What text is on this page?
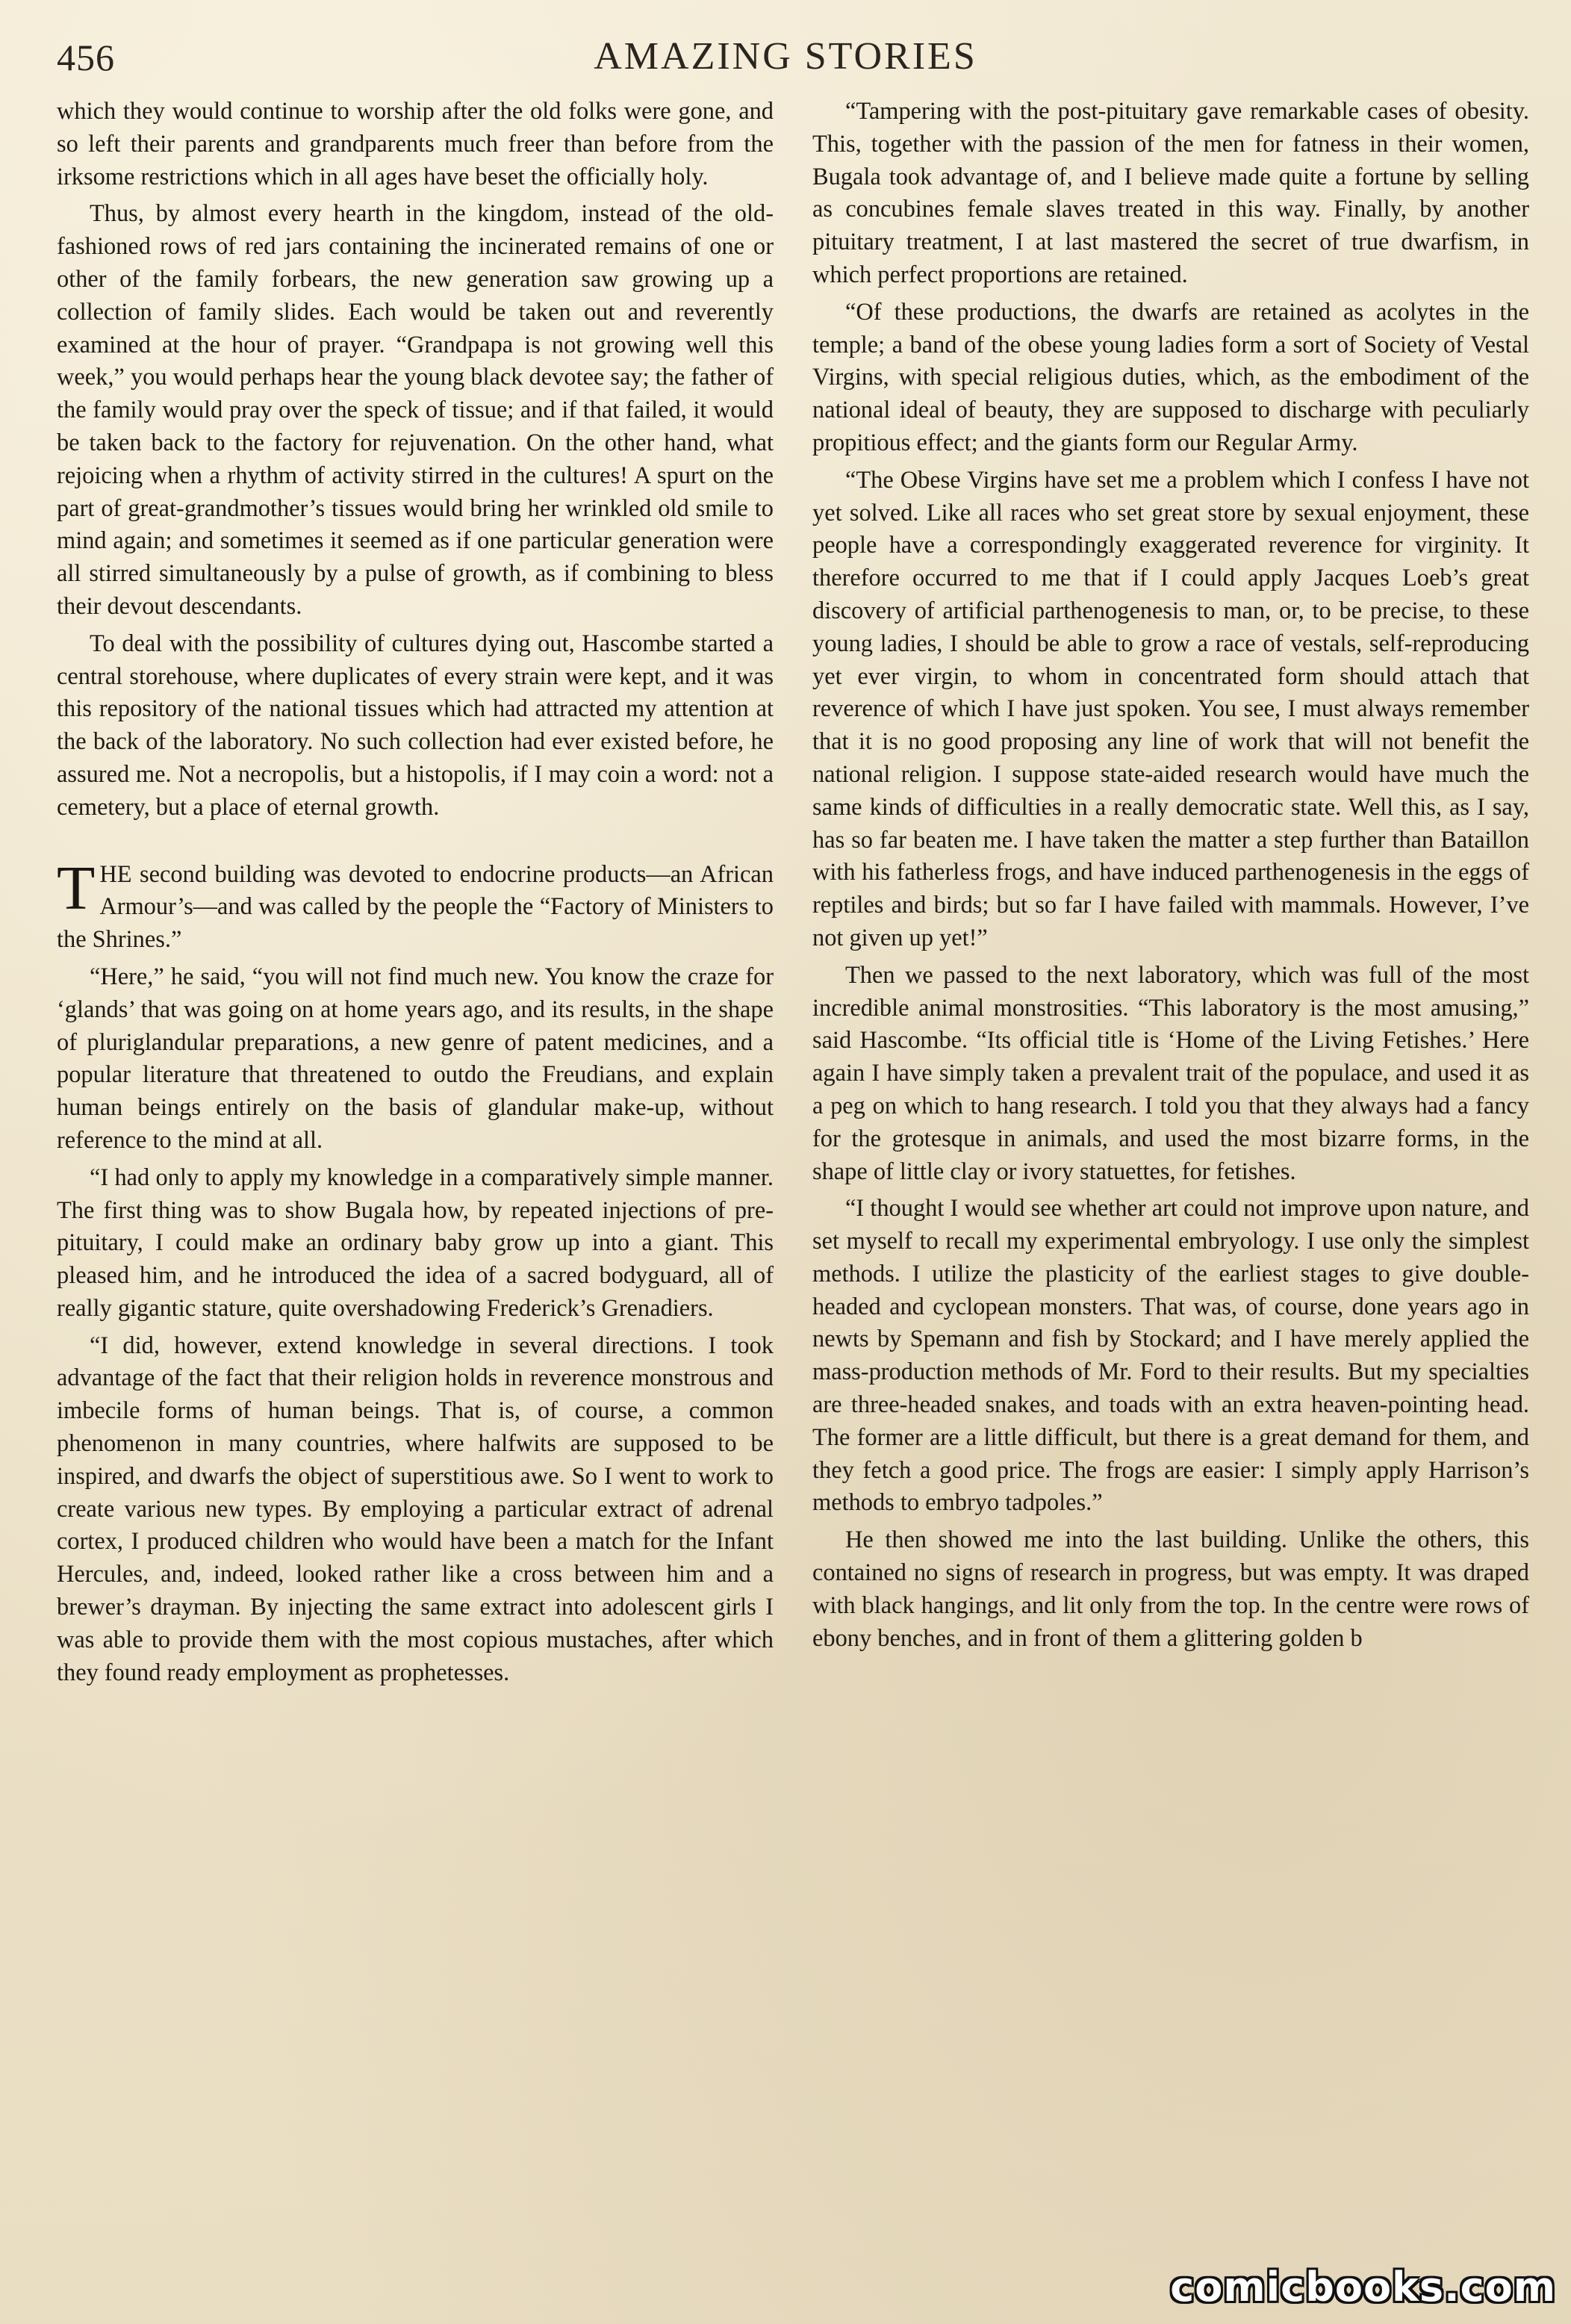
456	AMAZING STORIES

which they would continue to worship after the old folks were gone, and so left their parents and grandparents much freer than before from the irksome restrictions which in all ages have beset the officially holy.

Thus, by almost every hearth in the kingdom, instead of the old-fashioned rows of red jars containing the incinerated remains of one or other of the family forbears, the new generation saw growing up a collection of family slides. Each would be taken out and reverently examined at the hour of prayer. “Grandpapa is not growing well this week,” you would perhaps hear the young black devotee say; the father of the family would pray over the speck of tissue; and if that failed, it would be taken back to the factory for rejuvenation. On the other hand, what rejoicing when a rhythm of activity stirred in the cultures! A spurt on the part of great-grandmother’s tissues would bring her wrinkled old smile to mind again; and sometimes it seemed as if one particular generation were all stirred simultaneously by a pulse of growth, as if combining to bless their devout descendants.

To deal with the possibility of cultures dying out, Hascombe started a central storehouse, where duplicates of every strain were kept, and it was this repository of the national tissues which had attracted my attention at the back of the laboratory. No such collection had ever existed before, he assured me. Not a necropolis, but a histopolis, if I may coin a word: not a cemetery, but a place of eternal growth.

THE second building was devoted to endocrine products—an African Armour’s—and was called by the people the “Factory of Ministers to the Shrines.”

“Here,” he said, “you will not find much new. You know the craze for ‘glands’ that was going on at home years ago, and its results, in the shape of pluriglandular preparations, a new genre of patent medicines, and a popular literature that threatened to outdo the Freudians, and explain human beings entirely on the basis of glandular make-up, without reference to the mind at all.

“I had only to apply my knowledge in a comparatively simple manner. The first thing was to show Bugala how, by repeated injections of pre-pituitary, I could make an ordinary baby grow up into a giant. This pleased him, and he introduced the idea of a sacred bodyguard, all of really gigantic stature, quite overshadowing Frederick’s Grenadiers.

“I did, however, extend knowledge in several directions. I took advantage of the fact that their religion holds in reverence monstrous and imbecile forms of human beings. That is, of course, a common phenomenon in many countries, where halfwits are supposed to be inspired, and dwarfs the object of superstitious awe. So I went to work to create various new types. By employing a particular extract of adrenal cortex, I produced children who would have been a match for the Infant Hercules, and, indeed, looked rather like a cross between him and a brewer’s drayman. By injecting the same extract into adolescent girls I was able to provide them with the most copious mustaches, after which they found ready employment as prophetesses.

“Tampering with the post-pituitary gave remarkable cases of obesity. This, together with the passion of the men for fatness in their women, Bugala took advantage of, and I believe made quite a fortune by selling as concubines female slaves treated in this way. Finally, by another pituitary treatment, I at last mastered the secret of true dwarfism, in which perfect proportions are retained.

“Of these productions, the dwarfs are retained as acolytes in the temple; a band of the obese young ladies form a sort of Society of Vestal Virgins, with special religious duties, which, as the embodiment of the national ideal of beauty, they are supposed to discharge with peculiarly propitious effect; and the giants form our Regular Army.

“The Obese Virgins have set me a problem which I confess I have not yet solved. Like all races who set great store by sexual enjoyment, these people have a correspondingly exaggerated reverence for virginity. It therefore occurred to me that if I could apply Jacques Loeb’s great discovery of artificial parthenogenesis to man, or, to be precise, to these young ladies, I should be able to grow a race of vestals, self-reproducing yet ever virgin, to whom in concentrated form should attach that reverence of which I have just spoken. You see, I must always remember that it is no good proposing any line of work that will not benefit the national religion. I suppose state-aided research would have much the same kinds of difficulties in a really democratic state. Well this, as I say, has so far beaten me. I have taken the matter a step further than Bataillon with his fatherless frogs, and have induced parthenogenesis in the eggs of reptiles and birds; but so far I have failed with mammals. However, I’ve not given up yet!”

Then we passed to the next laboratory, which was full of the most incredible animal monstrosities. “This laboratory is the most amusing,” said Hascombe. “Its official title is ‘Home of the Living Fetishes.’ Here again I have simply taken a prevalent trait of the populace, and used it as a peg on which to hang research. I told you that they always had a fancy for the grotesque in animals, and used the most bizarre forms, in the shape of little clay or ivory statuettes, for fetishes.

“I thought I would see whether art could not improve upon nature, and set myself to recall my experimental embryology. I use only the simplest methods. I utilize the plasticity of the earliest stages to give double-headed and cyclopean monsters. That was, of course, done years ago in newts by Spemann and fish by Stockard; and I have merely applied the mass-production methods of Mr. Ford to their results. But my specialties are three-headed snakes, and toads with an extra heaven-pointing head. The former are a little difficult, but there is a great demand for them, and they fetch a good price. The frogs are easier: I simply apply Harrison’s methods to embryo tadpoles.”

He then showed me into the last building. Unlike the others, this contained no signs of research in progress, but was empty. It was draped with black hangings, and lit only from the top. In the centre were rows of ebony benches, and in front of them a glittering golden b

comicbooks.com
